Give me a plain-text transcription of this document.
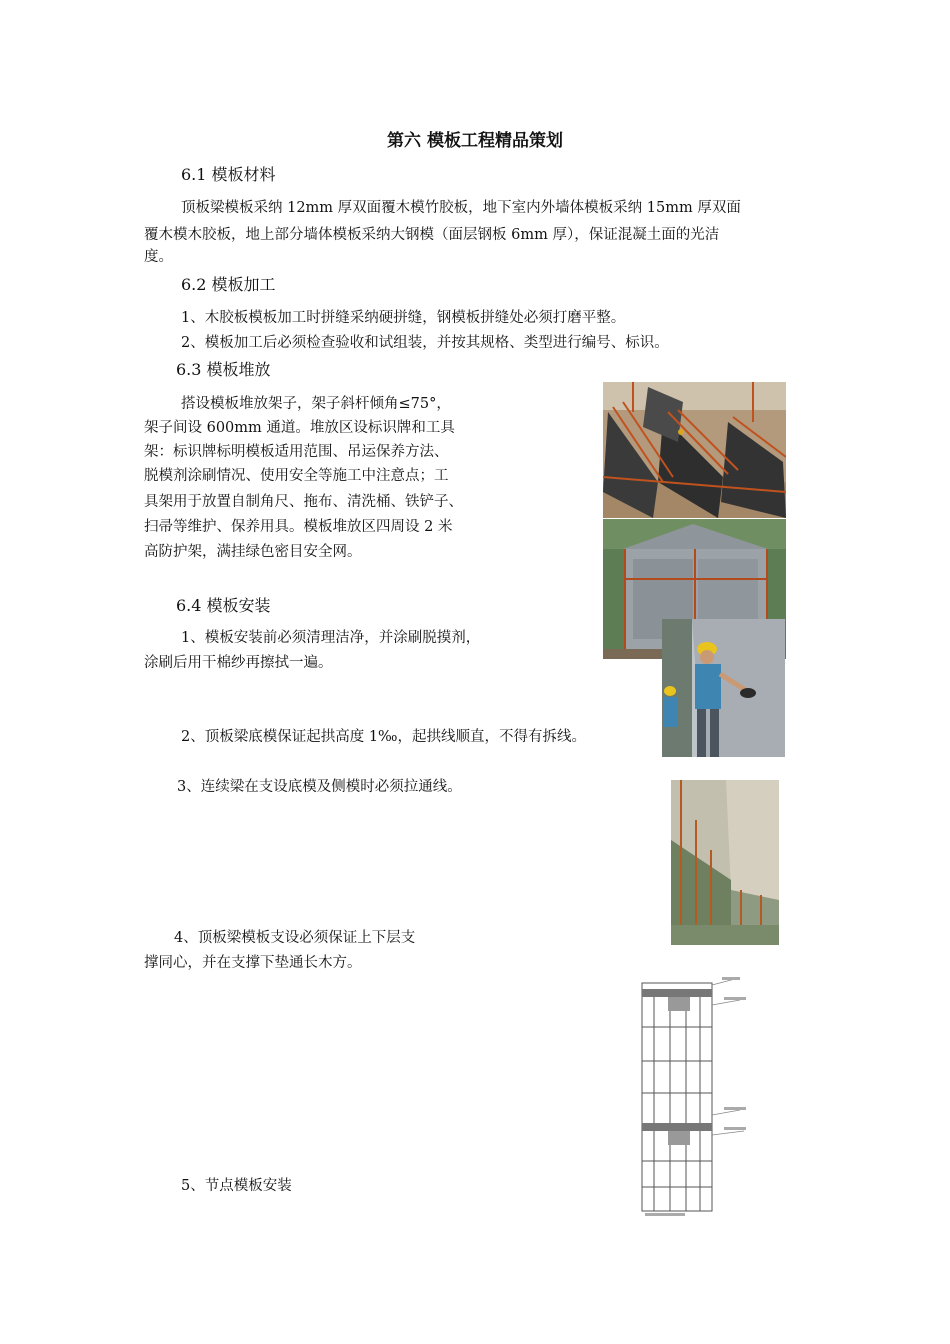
第六 模板工程精品策划
6.1 模板材料
顶板梁模板采纳 12mm 厚双面覆木模竹胶板，地下室内外墙体模板采纳 15mm 厚双面
覆木模木胶板，地上部分墙体模板采纳大钢模（面层钢板 6mm 厚），保证混凝土面的光洁
度。
6.2 模板加工
1、木胶板模板加工时拼缝采纳硬拼缝，钢模板拼缝处必须打磨平整。
2、模板加工后必须检查验收和试组装，并按其规格、类型进行编号、标识。
6.3 模板堆放
搭设模板堆放架子，架子斜杆倾角≤75°，
架子间设 600mm 通道。堆放区设标识牌和工具
架：标识牌标明模板适用范围、吊运保养方法、
脱模剂涂刷情况、使用安全等施工中注意点；工
具架用于放置自制角尺、拖布、清洗桶、铁铲子、
扫帚等维护、保养用具。模板堆放区四周设 2 米
高防护架，满挂绿色密目安全网。
6.4 模板安装
1、模板安装前必须清理洁净，并涂刷脱摸剂，
涂刷后用干棉纱再擦拭一遍。
2、顶板梁底模保证起拱高度 1‰，起拱线顺直，不得有拆线。
3、连续梁在支设底模及侧模时必须拉通线。
4、顶板梁模板支设必须保证上下层支
撑同心，并在支撑下垫通长木方。
5、节点模板安装
